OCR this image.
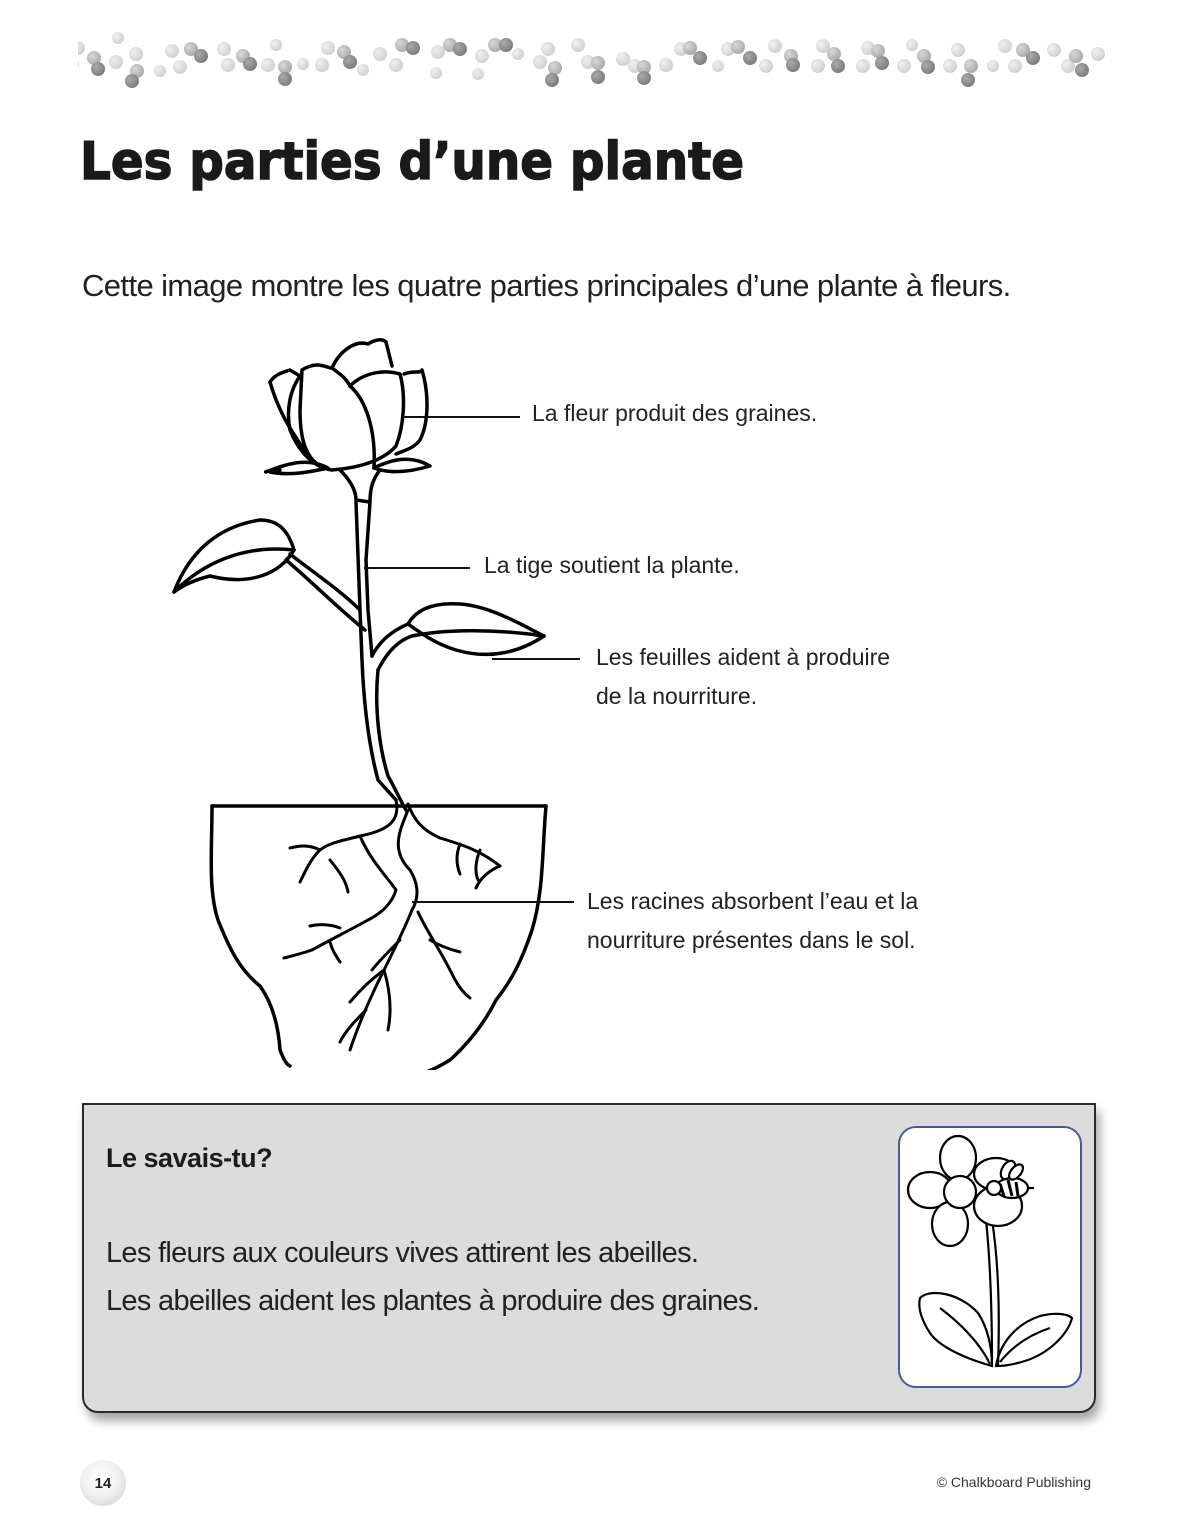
Les parties d’une plante

Cette image montre les quatre parties principales d’une plante à fleurs.

La fleur produit des graines.

La tige soutient la plante.

Les feuilles aident à produire
de la nourriture.
Les racines absorbent l’eau et la
nourriture présentes dans le sol.

Le savais-tu?

Les fleurs aux couleurs vives attirent les abeilles.

Les abeilles aident les plantes à produire des graines.

14	© Chalkboard Publishing
